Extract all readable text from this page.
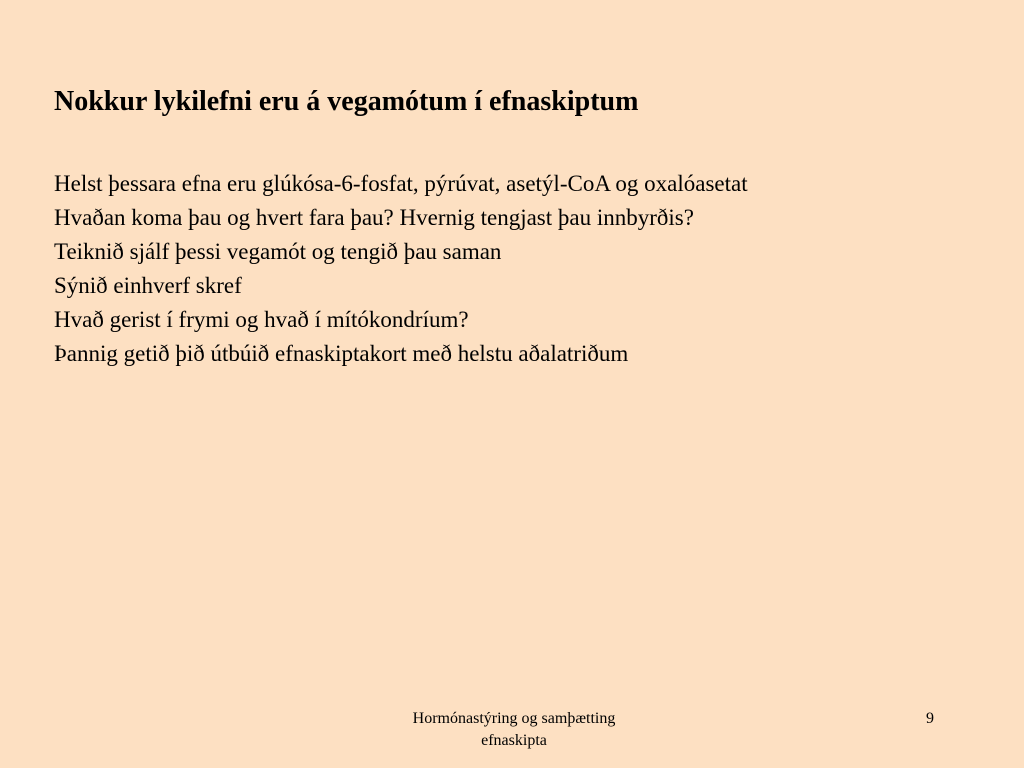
Nokkur lykilefni eru á vegamótum í efnaskiptum
Helst þessara efna eru glúkósa-6-fosfat, pýrúvat, asetýl-CoA og oxalóasetat
Hvaðan koma þau og hvert fara þau? Hvernig tengjast þau innbyrðis?
Teiknið sjálf þessi vegamót og tengið þau saman
Sýnið einhverf skref
Hvað gerist í frymi og hvað í mítókondríum?
Þannig getið þið útbúið efnaskiptakort með helstu aðalatriðum
Hormónastýring og samþætting
efnaskipta
9
